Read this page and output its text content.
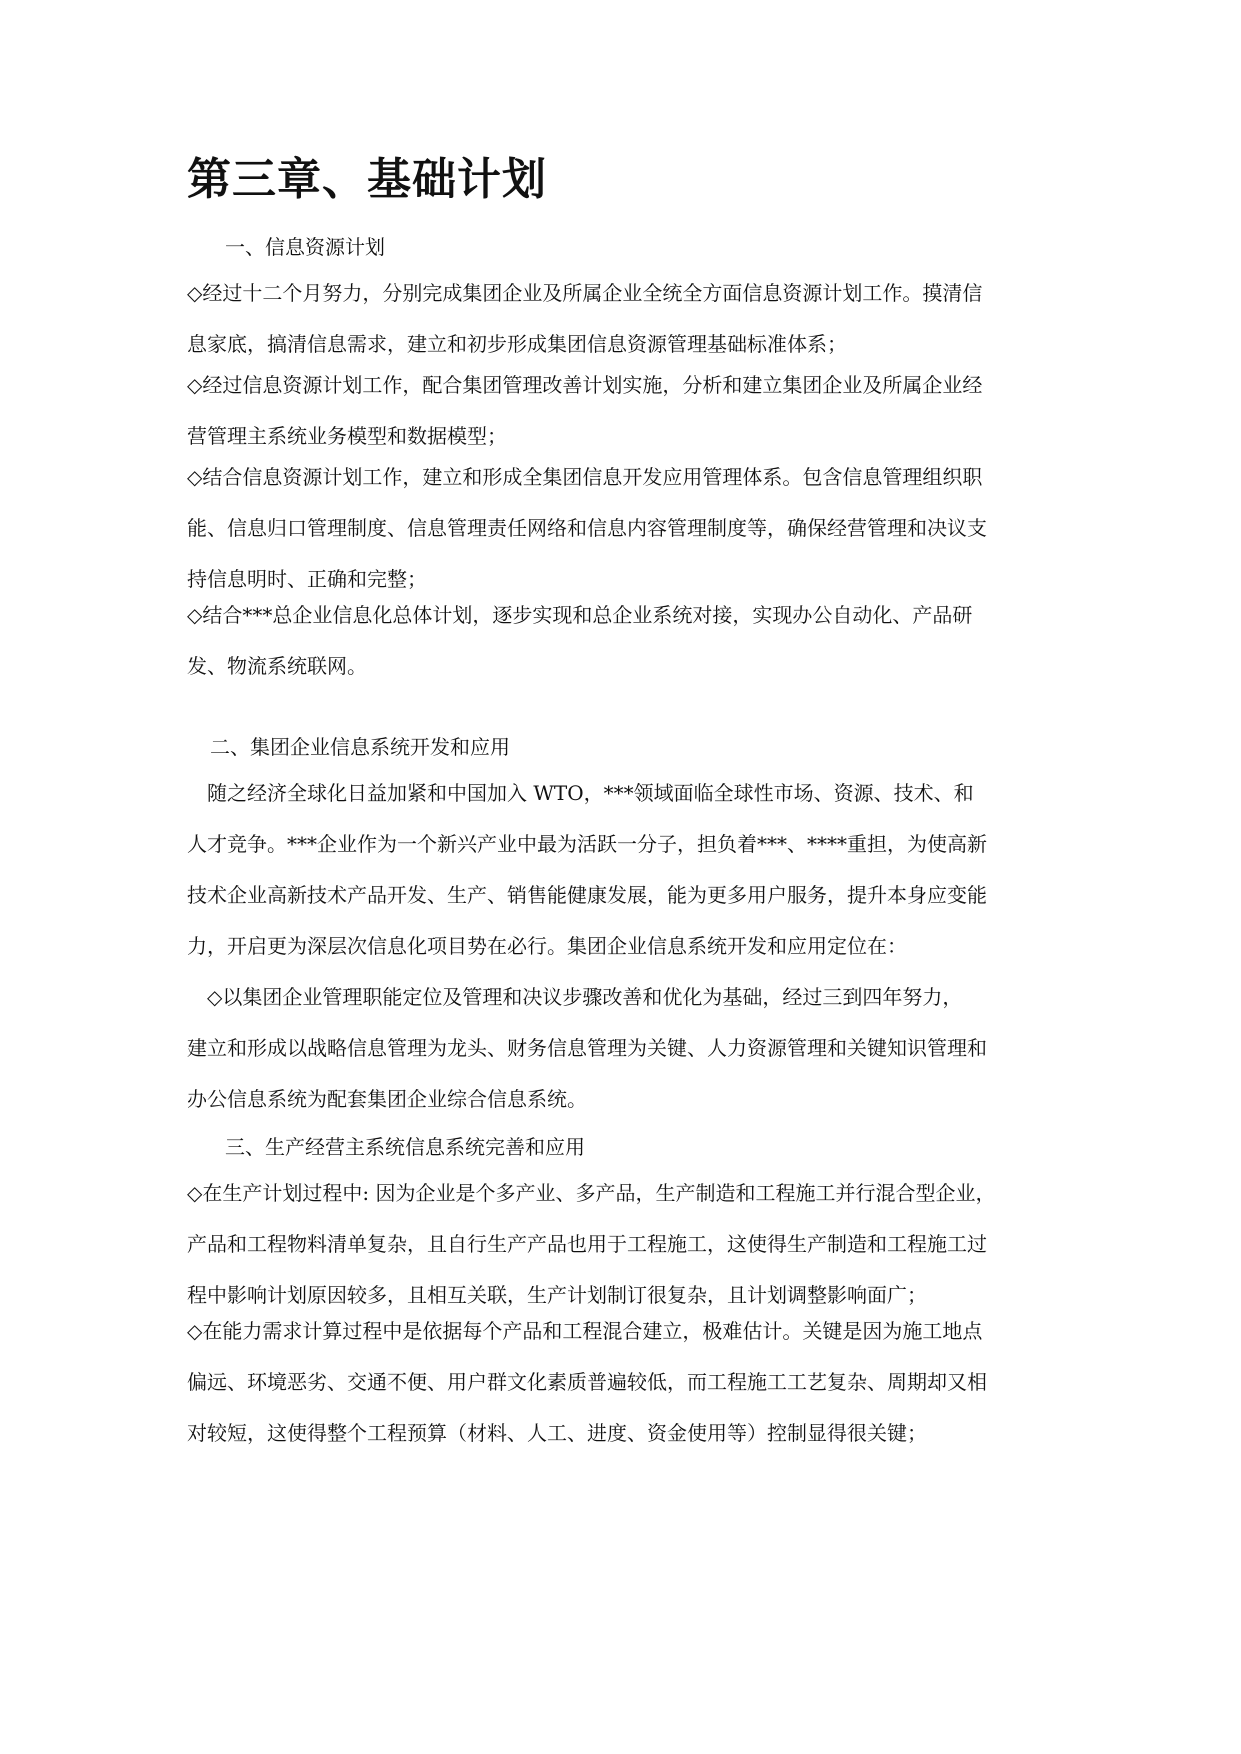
第三章、基础计划
一、信息资源计划
◇经过十二个月努力，分别完成集团企业及所属企业全统全方面信息资源计划工作。摸清信
息家底，搞清信息需求，建立和初步形成集团信息资源管理基础标准体系；
◇经过信息资源计划工作，配合集团管理改善计划实施，分析和建立集团企业及所属企业经
营管理主系统业务模型和数据模型；
◇结合信息资源计划工作，建立和形成全集团信息开发应用管理体系。包含信息管理组织职
能、信息归口管理制度、信息管理责任网络和信息内容管理制度等，确保经营管理和决议支
持信息明时、正确和完整；
◇结合***总企业信息化总体计划，逐步实现和总企业系统对接，实现办公自动化、产品研
发、物流系统联网。
二、集团企业信息系统开发和应用
　随之经济全球化日益加紧和中国加入 WTO，***领域面临全球性市场、资源、技术、和
人才竞争。***企业作为一个新兴产业中最为活跃一分子，担负着***、****重担，为使高新
技术企业高新技术产品开发、生产、销售能健康发展，能为更多用户服务，提升本身应变能
力，开启更为深层次信息化项目势在必行。集团企业信息系统开发和应用定位在：
　◇以集团企业管理职能定位及管理和决议步骤改善和优化为基础，经过三到四年努力，
建立和形成以战略信息管理为龙头、财务信息管理为关键、人力资源管理和关键知识管理和
办公信息系统为配套集团企业综合信息系统。
三、生产经营主系统信息系统完善和应用
◇在生产计划过程中: 因为企业是个多产业、多产品，生产制造和工程施工并行混合型企业，
产品和工程物料清单复杂，且自行生产产品也用于工程施工，这使得生产制造和工程施工过
程中影响计划原因较多，且相互关联，生产计划制订很复杂，且计划调整影响面广；
◇在能力需求计算过程中是依据每个产品和工程混合建立，极难估计。关键是因为施工地点
偏远、环境恶劣、交通不便、用户群文化素质普遍较低，而工程施工工艺复杂、周期却又相
对较短，这使得整个工程预算（材料、人工、进度、资金使用等）控制显得很关键；
